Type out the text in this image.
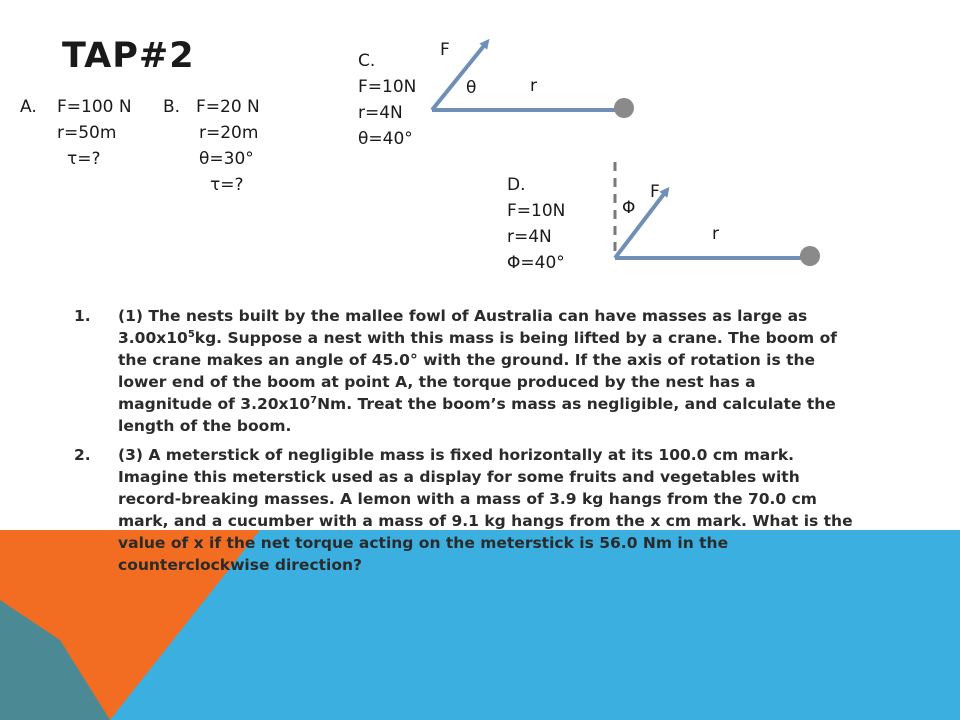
TAP#2
A. F=100 N
r=50m
τ=?
B. F=20 N
r=20m
θ=30°
τ=?
C.
F=10N
r=4N
θ=40°
F
θ	r
D.
F=10N
r=4N
Φ=40°
F
Φ
r
1. (1) The nests built by the mallee fowl of Australia can have masses as large as $3.00x10^5kg$. Suppose a nest with this mass is being lifted by a crane. The boom of the crane makes an angle of 45.0° with the ground. If the axis of rotation is the lower end of the boom at point A, the torque produced by the nest has a magnitude of $3.20x10^7Nm$. Treat the boom’s mass as negligible, and calculate the length of the boom.
2. (3) A meterstick of negligible mass is fixed horizontally at its 100.0 cm mark. Imagine this meterstick used as a display for some fruits and vegetables with record-breaking masses. A lemon with a mass of 3.9 kg hangs from the 70.0 cm mark, and a cucumber with a mass of 9.1 kg hangs from the x cm mark. What is the value of x if the net torque acting on the meterstick is 56.0 Nm in the counterclockwise direction?
